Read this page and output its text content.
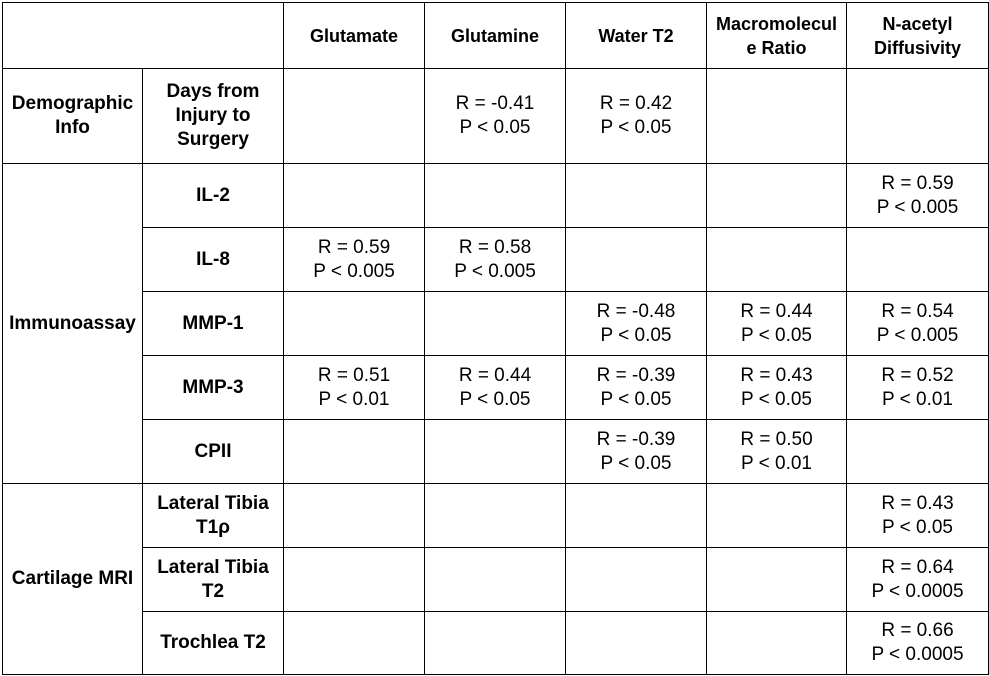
		Glutamate	Glutamine	Water T2	Macromolecul
e Ratio	N-acetyl
Diffusivity

Demographic
Info	Days from
Injury to
Surgery		R = -0.41
P < 0.05	R = 0.42
P < 0.05		

Immunoassay	IL-2					R = 0.59
P < 0.005

	IL-8	R = 0.59
P < 0.005	R = 0.58
P < 0.005			

	MMP-1			R = -0.48
P < 0.05	R = 0.44
P < 0.05	R = 0.54
P < 0.005

	MMP-3	R = 0.51
P < 0.01	R = 0.44
P < 0.05	R = -0.39
P < 0.05	R = 0.43
P < 0.05	R = 0.52
P < 0.01

	CPII			R = -0.39
P < 0.05	R = 0.50
P < 0.01	

Cartilage MRI	Lateral Tibia
T1ρ					R = 0.43
P < 0.05

	Lateral Tibia
T2					R = 0.64
P < 0.0005

	Trochlea T2					R = 0.66
P < 0.0005
